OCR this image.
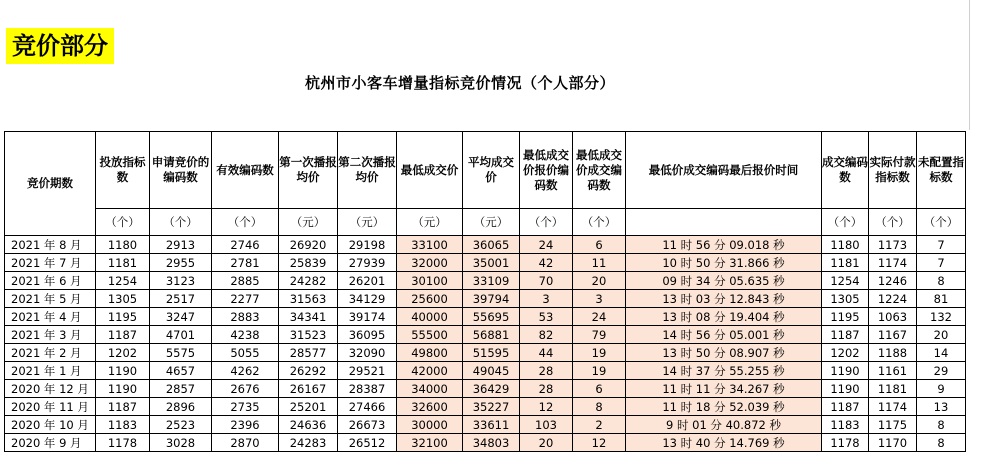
竞价部分
杭州市小客车增量指标竞价情况（个人部分）
竞价期数	投放指标数	申请竞价的编码数	有效编码数	第一次播报均价	第二次播报均价	最低成交价	平均成交价	最低成交价报价编码数	最低成交价成交编码数	最低价成交编码最后报价时间	成交编码数	实际付款指标数	未配置指标数
	（个）	（个）	（个）	（元）	（元）	（元）	（元）	（个）	（个）		（个）	（个）	（个）
2021 年 8 月	1180	2913	2746	26920	29198	33100	36065	24	6	11 时 56 分 09.018 秒	1180	1173	7
2021 年 7 月	1181	2955	2781	25839	27939	32000	35001	42	11	10 时 50 分 31.866 秒	1181	1174	7
2021 年 6 月	1254	3123	2885	24282	26201	30100	33109	70	20	09 时 34 分 05.635 秒	1254	1246	8
2021 年 5 月	1305	2517	2277	31563	34129	25600	39794	3	3	13 时 03 分 12.843 秒	1305	1224	81
2021 年 4 月	1195	3247	2883	34341	39174	40000	55695	53	24	13 时 08 分 19.404 秒	1195	1063	132
2021 年 3 月	1187	4701	4238	31523	36095	55500	56881	82	79	14 时 56 分 05.001 秒	1187	1167	20
2021 年 2 月	1202	5575	5055	28577	32090	49800	51595	44	19	13 时 50 分 08.907 秒	1202	1188	14
2021 年 1 月	1190	4657	4262	26292	29521	42000	49045	28	19	14 时 37 分 55.255 秒	1190	1161	29
2020 年 12 月	1190	2857	2676	26167	28387	34000	36429	28	6	11 时 11 分 34.267 秒	1190	1181	9
2020 年 11 月	1187	2896	2735	25201	27466	32600	35227	12	8	11 时 18 分 52.039 秒	1187	1174	13
2020 年 10 月	1183	2523	2396	24636	26673	30000	33611	103	2	9 时 01 分 40.872 秒	1183	1175	8
2020 年 9 月	1178	3028	2870	24283	26512	32100	34803	20	12	13 时 40 分 14.769 秒	1178	1170	8
